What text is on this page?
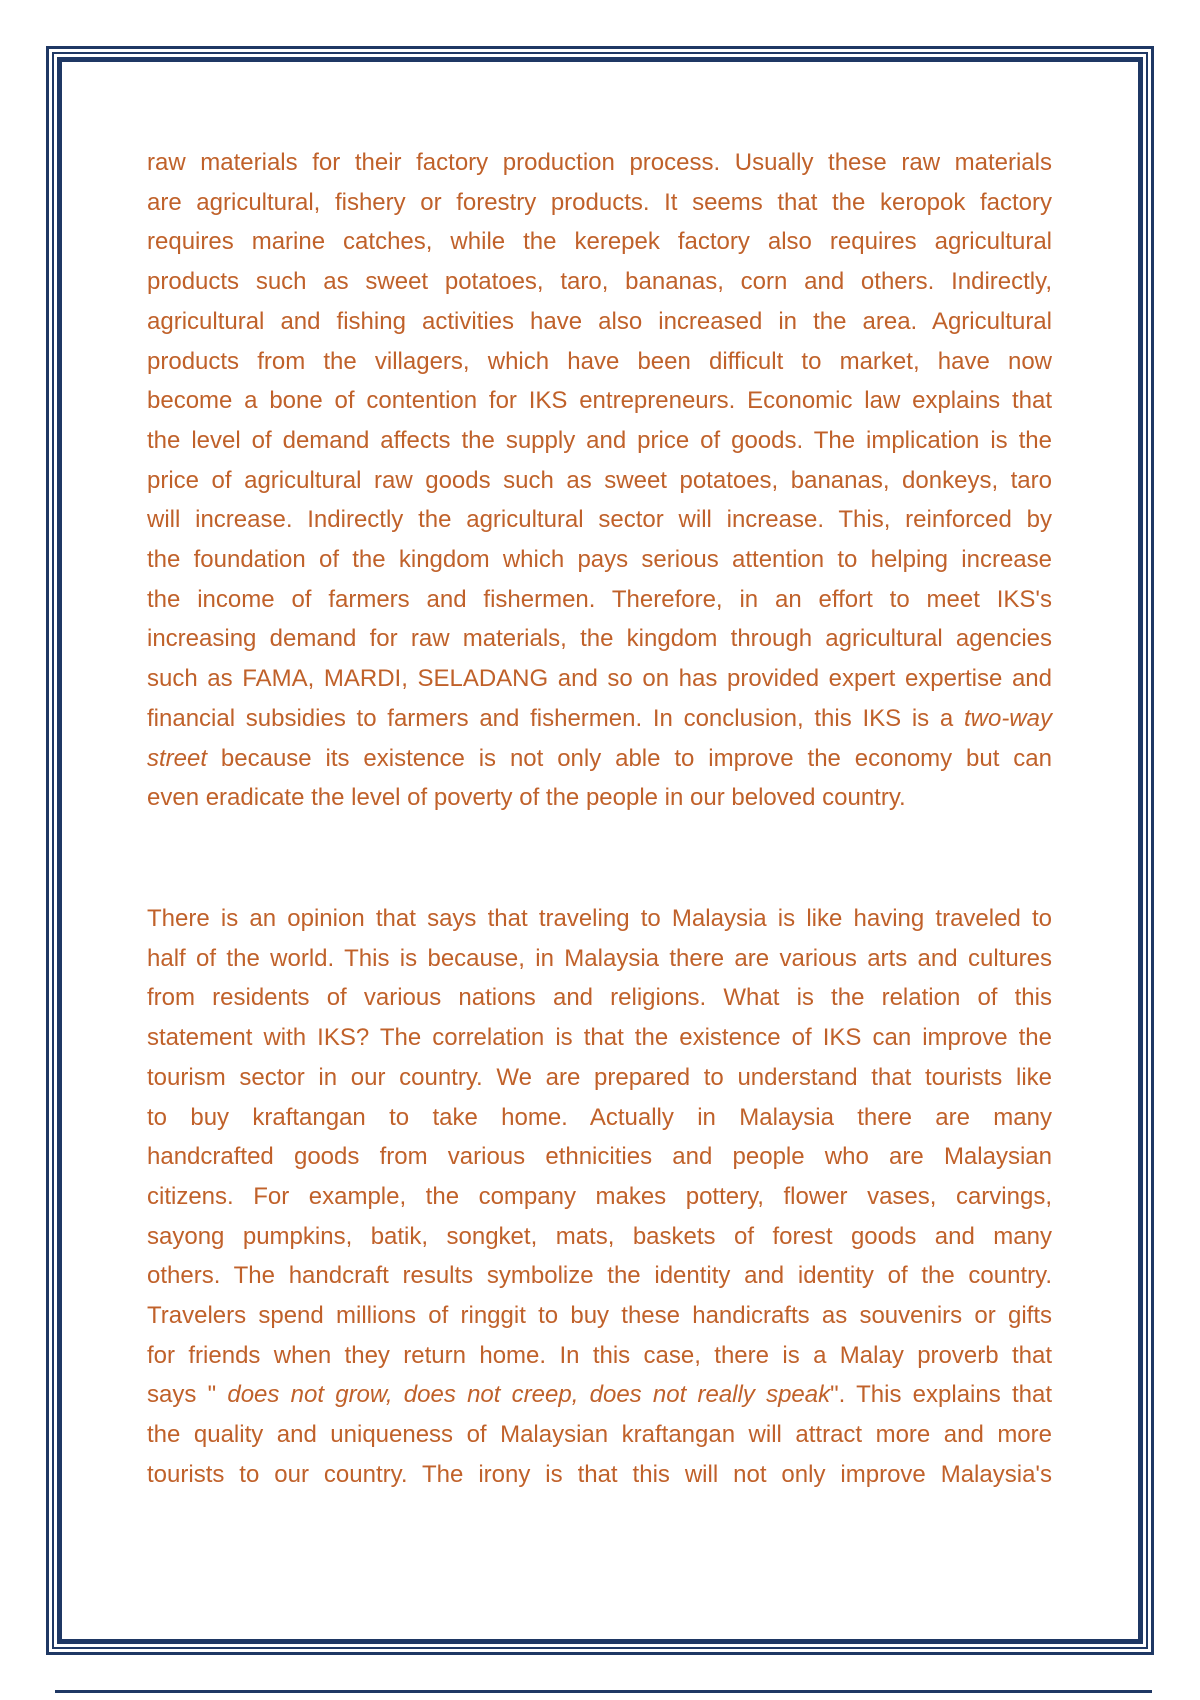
raw materials for their factory production process. Usually these raw materials
are agricultural, fishery or forestry products. It seems that the keropok factory
requires marine catches, while the kerepek factory also requires agricultural
products such as sweet potatoes, taro, bananas, corn and others. Indirectly,
agricultural and fishing activities have also increased in the area. Agricultural
products from the villagers, which have been difficult to market, have now
become a bone of contention for IKS entrepreneurs. Economic law explains that
the level of demand affects the supply and price of goods. The implication is the
price of agricultural raw goods such as sweet potatoes, bananas, donkeys, taro
will increase. Indirectly the agricultural sector will increase. This, reinforced by
the foundation of the kingdom which pays serious attention to helping increase
the income of farmers and fishermen. Therefore, in an effort to meet IKS's
increasing demand for raw materials, the kingdom through agricultural agencies
such as FAMA, MARDI, SELADANG and so on has provided expert expertise and
financial subsidies to farmers and fishermen. In conclusion, this IKS is a two-way
street because its existence is not only able to improve the economy but can
even eradicate the level of poverty of the people in our beloved country.
There is an opinion that says that traveling to Malaysia is like having traveled to
half of the world. This is because, in Malaysia there are various arts and cultures
from residents of various nations and religions. What is the relation of this
statement with IKS? The correlation is that the existence of IKS can improve the
tourism sector in our country. We are prepared to understand that tourists like
to buy kraftangan to take home. Actually in Malaysia there are many
handcrafted goods from various ethnicities and people who are Malaysian
citizens. For example, the company makes pottery, flower vases, carvings,
sayong pumpkins, batik, songket, mats, baskets of forest goods and many
others. The handcraft results symbolize the identity and identity of the country.
Travelers spend millions of ringgit to buy these handicrafts as souvenirs or gifts
for friends when they return home. In this case, there is a Malay proverb that
says " does not grow, does not creep, does not really speak". This explains that
the quality and uniqueness of Malaysian kraftangan will attract more and more
tourists to our country. The irony is that this will not only improve Malaysia's
